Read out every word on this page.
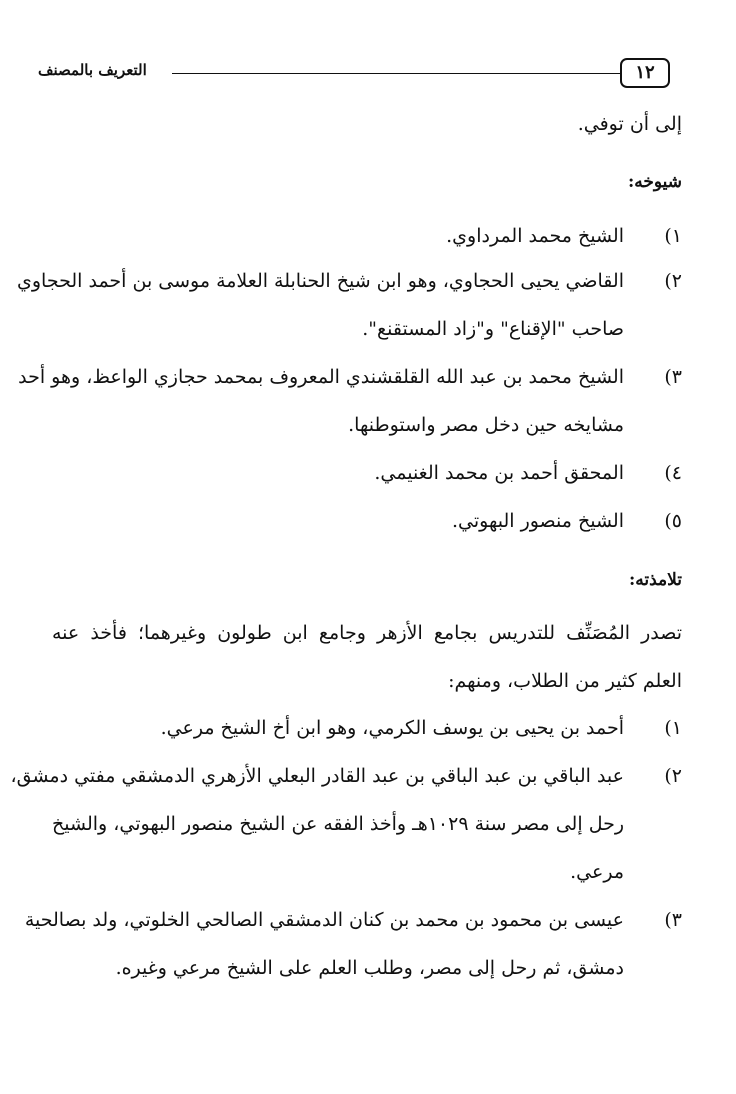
١٢
التعريف بالمصنف
إلى أن توفي.
شيوخه:
١)
الشيخ محمد المرداوي.
٢)
القاضي يحيى الحجاوي، وهو ابن شيخ الحنابلة العلامة موسى بن أحمد الحجاوي
صاحب "الإقناع" و"زاد المستقنع".
٣)
الشيخ محمد بن عبد الله القلقشندي المعروف بمحمد حجازي الواعظ، وهو أحد
مشايخه حين دخل مصر واستوطنها.
٤)
المحقق أحمد بن محمد الغنيمي.
٥)
الشيخ منصور البهوتي.
تلامذته:
تصدر المُصَنِّف للتدريس بجامع الأزهر وجامع ابن طولون وغيرهما؛ فأخذ عنه
العلم كثير من الطلاب، ومنهم:
١)
أحمد بن يحيى بن يوسف الكرمي، وهو ابن أخ الشيخ مرعي.
٢)
عبد الباقي بن عبد الباقي بن عبد القادر البعلي الأزهري الدمشقي مفتي دمشق،
رحل إلى مصر سنة ١٠٢٩هـ وأخذ الفقه عن الشيخ منصور البهوتي، والشيخ
مرعي.
٣)
عيسى بن محمود بن محمد بن كنان الدمشقي الصالحي الخلوتي، ولد بصالحية
دمشق، ثم رحل إلى مصر، وطلب العلم على الشيخ مرعي وغيره.
